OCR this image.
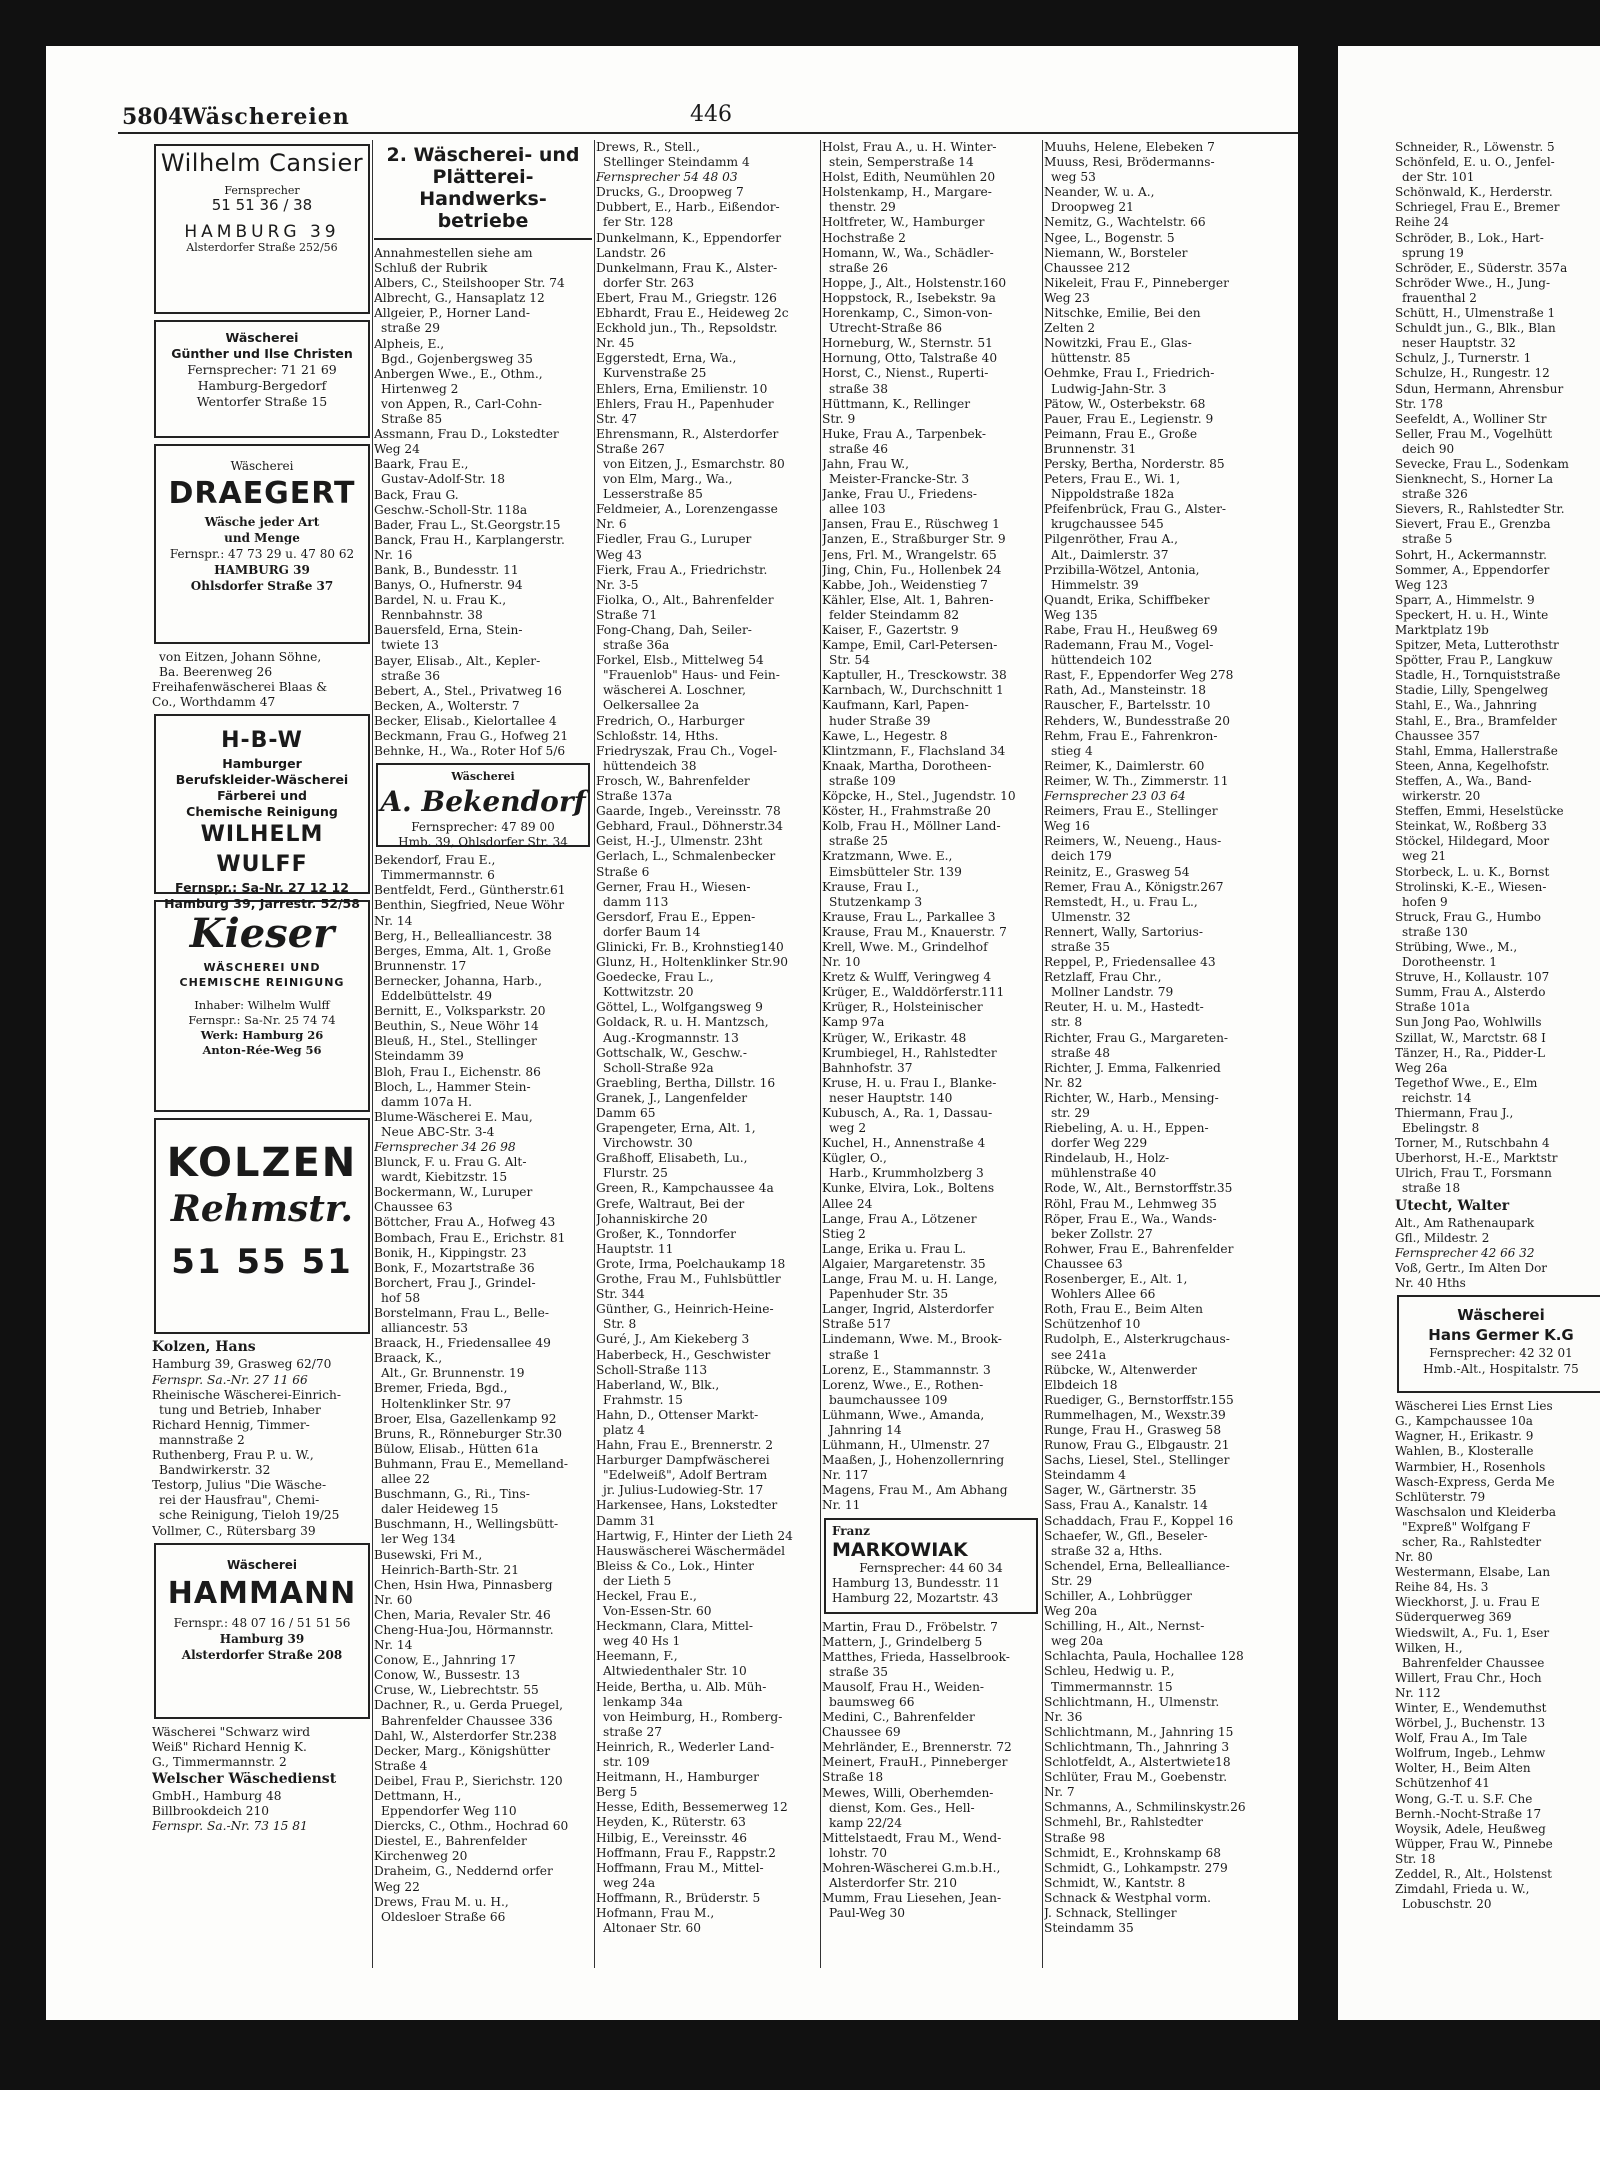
5804
Wäschereien	446
Wilhelm Cansier
Fernsprecher
51 51 36 / 38
HAMBURG 39
Alsterdorfer Straße 252/56
Wäscherei
Günther und Ilse Christen
Fernsprecher: 71 21 69
Hamburg-Bergedorf
Wentorfer Straße 15
Wäscherei
DRAEGERT
Wäsche jeder Art
und Menge
Fernspr.: 47 73 29 u. 47 80 62
HAMBURG 39
Ohlsdorfer Straße 37
von Eitzen, Johann Söhne,
Ba. Beerenweg 26
Freihafenwäscherei Blaas &
Co., Worthdamm 47
H-B-W
Hamburger
Berufskleider-Wäscherei
Färberei und
Chemische Reinigung
WILHELM WULFF
Fernspr.: Sa-Nr. 27 12 12
Hamburg 39, Jarrestr. 52/58
Kieser
WÄSCHEREI UND
CHEMISCHE REINIGUNG
Inhaber: Wilhelm Wulff
Fernspr.: Sa-Nr. 25 74 74
Werk: Hamburg 26
Anton-Rée-Weg 56
KOLZEN
Rehmstr.
51 55 51
Kolzen, Hans
Hamburg 39, Grasweg 62/70
Fernspr. Sa.-Nr. 27 11 66
Rheinische Wäscherei-Einrich-
tung und Betrieb, Inhaber
Richard Hennig, Timmer-
mannstraße 2
Ruthenberg, Frau P. u. W.,
Bandwirkerstr. 32
Testorp, Julius "Die Wäsche-
rei der Hausfrau", Chemi-
sche Reinigung, Tieloh 19/25
Vollmer, C., Rütersbarg 39
Wäscherei
HAMMANN
Fernspr.: 48 07 16 / 51 51 56
Hamburg 39
Alsterdorfer Straße 208
Wäscherei "Schwarz wird
Weiß" Richard Hennig K.
G., Timmermannstr. 2
Welscher Wäschedienst
GmbH., Hamburg 48
Billbrookdeich 210
Fernspr. Sa.-Nr. 73 15 81
2. Wäscherei- und
Plätterei-Handwerks-
betriebe
Annahmestellen siehe am
Schluß der Rubrik
Albers, C., Steilshooper Str. 74
Albrecht, G., Hansaplatz 12
Allgeier, P., Horner Land-
straße 29
Alpheis, E.,
Bgd., Gojenbergsweg 35
Anbergen Wwe., E., Othm.,
Hirtenweg 2
von Appen, R., Carl-Cohn-
Straße 85
Assmann, Frau D., Lokstedter
Weg 24
Baark, Frau E.,
Gustav-Adolf-Str. 18
Back, Frau G.
Geschw.-Scholl-Str. 118a
Bader, Frau L., St.Georgstr.15
Banck, Frau H., Karplangerstr.
Nr. 16
Bank, B., Bundesstr. 11
Banys, O., Hufnerstr. 94
Bardel, N. u. Frau K.,
Rennbahnstr. 38
Bauersfeld, Erna, Stein-
twiete 13
Bayer, Elisab., Alt., Kepler-
straße 36
Bebert, A., Stel., Privatweg 16
Becken, A., Wolterstr. 7
Becker, Elisab., Kielortallee 4
Beckmann, Frau G., Hofweg 21
Behnke, H., Wa., Roter Hof 5/6
Wäscherei
A. Bekendorf
Fernsprecher: 47 89 00
Hmb. 39, Ohlsdorfer Str. 34
Bekendorf, Frau E.,
Timmermannstr. 6
Bentfeldt, Ferd., Güntherstr.61
Benthin, Siegfried, Neue Wöhr
Nr. 14
Berg, H., Bellealliancestr. 38
Berges, Emma, Alt. 1, Große
Brunnenstr. 17
Bernecker, Johanna, Harb.,
Eddelbüttelstr. 49
Bernitt, E., Volksparkstr. 20
Beuthin, S., Neue Wöhr 14
Bleuß, H., Stel., Stellinger
Steindamm 39
Bloh, Frau I., Eichenstr. 86
Bloch, L., Hammer Stein-
damm 107a H.
Blume-Wäscherei E. Mau,
Neue ABC-Str. 3-4
Fernsprecher 34 26 98
Blunck, F. u. Frau G. Alt-
wardt, Kiebitzstr. 15
Bockermann, W., Luruper
Chaussee 63
Böttcher, Frau A., Hofweg 43
Bombach, Frau E., Erichstr. 81
Bonik, H., Kippingstr. 23
Bonk, F., Mozartstraße 36
Borchert, Frau J., Grindel-
hof 58
Borstelmann, Frau L., Belle-
alliancestr. 53
Braack, H., Friedensallee 49
Braack, K.,
Alt., Gr. Brunnenstr. 19
Bremer, Frieda, Bgd.,
Holtenklinker Str. 97
Broer, Elsa, Gazellenkamp 92
Bruns, R., Rönneburger Str.30
Bülow, Elisab., Hütten 61a
Buhmann, Frau E., Memelland-
allee 22
Buschmann, G., Ri., Tins-
daler Heideweg 15
Buschmann, H., Wellingsbütt-
ler Weg 134
Busewski, Fri M.,
Heinrich-Barth-Str. 21
Chen, Hsin Hwa, Pinnasberg
Nr. 60
Chen, Maria, Revaler Str. 46
Cheng-Hua-Jou, Hörmannstr.
Nr. 14
Conow, E., Jahnring 17
Conow, W., Bussestr. 13
Cruse, W., Liebrechtstr. 55
Dachner, R., u. Gerda Pruegel,
Bahrenfelder Chaussee 336
Dahl, W., Alsterdorfer Str.238
Decker, Marg., Königshütter
Straße 4
Deibel, Frau P., Sierichstr. 120
Dettmann, H.,
Eppendorfer Weg 110
Diercks, C., Othm., Hochrad 60
Diestel, E., Bahrenfelder
Kirchenweg 20
Draheim, G., Neddernd orfer
Weg 22
Drews, Frau M. u. H.,
Oldesloer Straße 66
Drews, R., Stell.,
Stellinger Steindamm 4
Fernsprecher 54 48 03
Drucks, G., Droopweg 7
Dubbert, E., Harb., Eißendor-
fer Str. 128
Dunkelmann, K., Eppendorfer
Landstr. 26
Dunkelmann, Frau K., Alster-
dorfer Str. 263
Ebert, Frau M., Griegstr. 126
Ebhardt, Frau E., Heideweg 2c
Eckhold jun., Th., Repsoldstr.
Nr. 45
Eggerstedt, Erna, Wa.,
Kurvenstraße 25
Ehlers, Erna, Emilienstr. 10
Ehlers, Frau H., Papenhuder
Str. 47
Ehrensmann, R., Alsterdorfer
Straße 267
von Eitzen, J., Esmarchstr. 80
von Elm, Marg., Wa.,
Lesserstraße 85
Feldmeier, A., Lorenzengasse
Nr. 6
Fiedler, Frau G., Luruper
Weg 43
Fierk, Frau A., Friedrichstr.
Nr. 3-5
Fiolka, O., Alt., Bahrenfelder
Straße 71
Fong-Chang, Dah, Seiler-
straße 36a
Forkel, Elsb., Mittelweg 54
"Frauenlob" Haus- und Fein-
wäscherei A. Loschner,
Oelkersallee 2a
Fredrich, O., Harburger
Schloßstr. 14, Hths.
Friedryszak, Frau Ch., Vogel-
hüttendeich 38
Frosch, W., Bahrenfelder
Straße 137a
Gaarde, Ingeb., Vereinsstr. 78
Gebhard, Fraul., Döhnerstr.34
Geist, H.-J., Ulmenstr. 23ht
Gerlach, L., Schmalenbecker
Straße 6
Gerner, Frau H., Wiesen-
damm 113
Gersdorf, Frau E., Eppen-
dorfer Baum 14
Glinicki, Fr. B., Krohnstieg140
Glunz, H., Holtenklinker Str.90
Goedecke, Frau L.,
Kottwitzstr. 20
Göttel, L., Wolfgangsweg 9
Goldack, R. u. H. Mantzsch,
Aug.-Krogmannstr. 13
Gottschalk, W., Geschw.-
Scholl-Straße 92a
Graebling, Bertha, Dillstr. 16
Granek, J., Langenfelder
Damm 65
Grapengeter, Erna, Alt. 1,
Virchowstr. 30
Graßhoff, Elisabeth, Lu.,
Flurstr. 25
Green, R., Kampchaussee 4a
Grefe, Waltraut, Bei der
Johanniskirche 20
Großer, K., Tonndorfer
Hauptstr. 11
Grote, Irma, Poelchaukamp 18
Grothe, Frau M., Fuhlsbüttler
Str. 344
Günther, G., Heinrich-Heine-
Str. 8
Guré, J., Am Kiekeberg 3
Haberbeck, H., Geschwister
Scholl-Straße 113
Haberland, W., Blk.,
Frahmstr. 15
Hahn, D., Ottenser Markt-
platz 4
Hahn, Frau E., Brennerstr. 2
Harburger Dampfwäscherei
"Edelweiß", Adolf Bertram
jr. Julius-Ludowieg-Str. 17
Harkensee, Hans, Lokstedter
Damm 31
Hartwig, F., Hinter der Lieth 24
Hauswäscherei Wäschermädel
Bleiss & Co., Lok., Hinter
der Lieth 5
Heckel, Frau E.,
Von-Essen-Str. 60
Heckmann, Clara, Mittel-
weg 40 Hs 1
Heemann, F.,
Altwiedenthaler Str. 10
Heide, Bertha, u. Alb. Müh-
lenkamp 34a
von Heimburg, H., Romberg-
straße 27
Heinrich, R., Wederler Land-
str. 109
Heitmann, H., Hamburger
Berg 5
Hesse, Edith, Bessemerweg 12
Heyden, K., Rüterstr. 63
Hilbig, E., Vereinsstr. 46
Hoffmann, Frau F., Rappstr.2
Hoffmann, Frau M., Mittel-
weg 24a
Hoffmann, R., Brüderstr. 5
Hofmann, Frau M.,
Altonaer Str. 60
Holst, Frau A., u. H. Winter-
stein, Semperstraße 14
Holst, Edith, Neumühlen 20
Holstenkamp, H., Margare-
thenstr. 29
Holtfreter, W., Hamburger
Hochstraße 2
Homann, W., Wa., Schädler-
straße 26
Hoppe, J., Alt., Holstenstr.160
Hoppstock, R., Isebekstr. 9a
Horenkamp, C., Simon-von-
Utrecht-Straße 86
Horneburg, W., Sternstr. 51
Hornung, Otto, Talstraße 40
Horst, C., Nienst., Ruperti-
straße 38
Hüttmann, K., Rellinger
Str. 9
Huke, Frau A., Tarpenbek-
straße 46
Jahn, Frau W.,
Meister-Francke-Str. 3
Janke, Frau U., Friedens-
allee 103
Jansen, Frau E., Rüschweg 1
Janzen, E., Straßburger Str. 9
Jens, Frl. M., Wrangelstr. 65
Jing, Chin, Fu., Hollenbek 24
Kabbe, Joh., Weidenstieg 7
Kähler, Else, Alt. 1, Bahren-
felder Steindamm 82
Kaiser, F., Gazertstr. 9
Kampe, Emil, Carl-Petersen-
Str. 54
Kaptuller, H., Tresckowstr. 38
Karnbach, W., Durchschnitt 1
Kaufmann, Karl, Papen-
huder Straße 39
Kawe, L., Hegestr. 8
Klintzmann, F., Flachsland 34
Knaak, Martha, Dorotheen-
straße 109
Köpcke, H., Stel., Jugendstr. 10
Köster, H., Frahmstraße 20
Kolb, Frau H., Möllner Land-
straße 25
Kratzmann, Wwe. E.,
Eimsbütteler Str. 139
Krause, Frau I.,
Stutzenkamp 3
Krause, Frau L., Parkallee 3
Krause, Frau M., Knauerstr. 7
Krell, Wwe. M., Grindelhof
Nr. 10
Kretz & Wulff, Veringweg 4
Krüger, E., Walddörferstr.111
Krüger, R., Holsteinischer
Kamp 97a
Krüger, W., Erikastr. 48
Krumbiegel, H., Rahlstedter
Bahnhofstr. 37
Kruse, H. u. Frau I., Blanke-
neser Hauptstr. 140
Kubusch, A., Ra. 1, Dassau-
weg 2
Kuchel, H., Annenstraße 4
Kügler, O.,
Harb., Krummholzberg 3
Kunke, Elvira, Lok., Boltens
Allee 24
Lange, Frau A., Lötzener
Stieg 2
Lange, Erika u. Frau L.
Algaier, Margaretenstr. 35
Lange, Frau M. u. H. Lange,
Papenhuder Str. 35
Langer, Ingrid, Alsterdorfer
Straße 517
Lindemann, Wwe. M., Brook-
straße 1
Lorenz, E., Stammannstr. 3
Lorenz, Wwe., E., Rothen-
baumchaussee 109
Lühmann, Wwe., Amanda,
Jahnring 14
Lühmann, H., Ulmenstr. 27
Maaßen, J., Hohenzollernring
Nr. 117
Magens, Frau M., Am Abhang
Nr. 11
Franz
MARKOWIAK
Fernsprecher: 44 60 34
Hamburg 13, Bundesstr. 11
Hamburg 22, Mozartstr. 43
Martin, Frau D., Fröbelstr. 7
Mattern, J., Grindelberg 5
Matthes, Frieda, Hasselbrook-
straße 35
Mausolf, Frau H., Weiden-
baumsweg 66
Medini, C., Bahrenfelder
Chaussee 69
Mehrländer, E., Brennerstr. 72
Meinert, FrauH., Pinneberger
Straße 18
Mewes, Willi, Oberhemden-
dienst, Kom. Ges., Hell-
kamp 22/24
Mittelstaedt, Frau M., Wend-
lohstr. 70
Mohren-Wäscherei G.m.b.H.,
Alsterdorfer Str. 210
Mumm, Frau Liesehen, Jean-
Paul-Weg 30
Muuhs, Helene, Elebeken 7
Muuss, Resi, Brödermanns-
weg 53
Neander, W. u. A.,
Droopweg 21
Nemitz, G., Wachtelstr. 66
Ngee, L., Bogenstr. 5
Niemann, W., Borsteler
Chaussee 212
Nikeleit, Frau F., Pinneberger
Weg 23
Nitschke, Emilie, Bei den
Zelten 2
Nowitzki, Frau E., Glas-
hüttenstr. 85
Oehmke, Frau I., Friedrich-
Ludwig-Jahn-Str. 3
Pätow, W., Osterbekstr. 68
Pauer, Frau E., Legienstr. 9
Peimann, Frau E., Große
Brunnenstr. 31
Persky, Bertha, Norderstr. 85
Peters, Frau E., Wi. 1,
Nippoldstraße 182a
Pfeifenbrück, Frau G., Alster-
krugchaussee 545
Pilgenröther, Frau A.,
Alt., Daimlerstr. 37
Przibilla-Wötzel, Antonia,
Himmelstr. 39
Quandt, Erika, Schiffbeker
Weg 135
Rabe, Frau H., Heußweg 69
Rademann, Frau M., Vogel-
hüttendeich 102
Rast, F., Eppendorfer Weg 278
Rath, Ad., Mansteinstr. 18
Rauscher, F., Bartelsstr. 10
Rehders, W., Bundesstraße 20
Rehm, Frau E., Fahrenkron-
stieg 4
Reimer, K., Daimlerstr. 60
Reimer, W. Th., Zimmerstr. 11
Fernsprecher 23 03 64
Reimers, Frau E., Stellinger
Weg 16
Reimers, W., Neueng., Haus-
deich 179
Reinitz, E., Grasweg 54
Remer, Frau A., Königstr.267
Remstedt, H., u. Frau L.,
Ulmenstr. 32
Rennert, Wally, Sartorius-
straße 35
Reppel, P., Friedensallee 43
Retzlaff, Frau Chr.,
Mollner Landstr. 79
Reuter, H. u. M., Hastedt-
str. 8
Richter, Frau G., Margareten-
straße 48
Richter, J. Emma, Falkenried
Nr. 82
Richter, W., Harb., Mensing-
str. 29
Riebeling, A. u. H., Eppen-
dorfer Weg 229
Rindelaub, H., Holz-
mühlenstraße 40
Rode, W., Alt., Bernstorffstr.35
Röhl, Frau M., Lehmweg 35
Röper, Frau E., Wa., Wands-
beker Zollstr. 27
Rohwer, Frau E., Bahrenfelder
Chaussee 63
Rosenberger, E., Alt. 1,
Wohlers Allee 66
Roth, Frau E., Beim Alten
Schützenhof 10
Rudolph, E., Alsterkrugchaus-
see 241a
Rübcke, W., Altenwerder
Elbdeich 18
Ruediger, G., Bernstorffstr.155
Rummelhagen, M., Wexstr.39
Runge, Frau H., Grasweg 58
Runow, Frau G., Elbgaustr. 21
Sachs, Liesel, Stel., Stellinger
Steindamm 4
Sager, W., Gärtnerstr. 35
Sass, Frau A., Kanalstr. 14
Schaddach, Frau F., Koppel 16
Schaefer, W., Gfl., Beseler-
straße 32 a, Hths.
Schendel, Erna, Bellealliance-
Str. 29
Schiller, A., Lohbrügger
Weg 20a
Schilling, H., Alt., Nernst-
weg 20a
Schlachta, Paula, Hochallee 128
Schleu, Hedwig u. P.,
Timmermannstr. 15
Schlichtmann, H., Ulmenstr.
Nr. 36
Schlichtmann, M., Jahnring 15
Schlichtmann, Th., Jahnring 3
Schlotfeldt, A., Alstertwiete18
Schlüter, Frau M., Goebenstr.
Nr. 7
Schmanns, A., Schmilinskystr.26
Schmehl, Br., Rahlstedter
Straße 98
Schmidt, E., Krohnskamp 68
Schmidt, G., Lohkampstr. 279
Schmidt, W., Kantstr. 8
Schnack & Westphal vorm.
J. Schnack, Stellinger
Steindamm 35
Schneider, R., Löwenstr. 5
Schönfeld, E. u. O., Jenfel-
der Str. 101
Schönwald, K., Herderstr.
Schriegel, Frau E., Bremer
Reihe 24
Schröder, B., Lok., Hart-
sprung 19
Schröder, E., Süderstr. 357a
Schröder Wwe., H., Jung-
frauenthal 2
Schütt, H., Ulmenstraße 1
Schuldt jun., G., Blk., Blan
neser Hauptstr. 32
Schulz, J., Turnerstr. 1
Schulze, H., Rungestr. 12
Sdun, Hermann, Ahrensbur
Str. 178
Seefeldt, A., Wolliner Str
Seller, Frau M., Vogelhütt
deich 90
Sevecke, Frau L., Sodenkam
Sienknecht, S., Horner La
straße 326
Sievers, R., Rahlstedter Str.
Sievert, Frau E., Grenzba
straße 5
Sohrt, H., Ackermannstr.
Sommer, A., Eppendorfer
Weg 123
Sparr, A., Himmelstr. 9
Speckert, H. u. H., Winte
Marktplatz 19b
Spitzer, Meta, Lutterothstr
Spötter, Frau P., Langkuw
Stadle, H., Tornquiststraße
Stadie, Lilly, Spengelweg
Stahl, E., Wa., Jahnring
Stahl, E., Bra., Bramfelder
Chaussee 357
Stahl, Emma, Hallerstraße
Steen, Anna, Kegelhofstr.
Steffen, A., Wa., Band-
wirkerstr. 20
Steffen, Emmi, Heselstücke
Steinkat, W., Roßberg 33
Stöckel, Hildegard, Moor
weg 21
Storbeck, L. u. K., Bornst
Strolinski, K.-E., Wiesen-
hofen 9
Struck, Frau G., Humbo
straße 130
Strübing, Wwe., M.,
Dorotheenstr. 1
Struve, H., Kollaustr. 107
Summ, Frau A., Alsterdo
Straße 101a
Sun Jong Pao, Wohlwills
Szillat, W., Marctstr. 68 I
Tänzer, H., Ra., Pidder-L
Weg 26a
Tegethof Wwe., E., Elm
reichstr. 14
Thiermann, Frau J.,
Ebelingstr. 8
Torner, M., Rutschbahn 4
Uberhorst, H.-E., Marktstr
Ulrich, Frau T., Forsmann
straße 18
Utecht, Walter
Alt., Am Rathenaupark
Gfl., Mildestr. 2
Fernsprecher 42 66 32
Voß, Gertr., Im Alten Dor
Nr. 40 Hths
Wäscherei
Hans Germer K.G
Fernsprecher: 42 32 01
Hmb.-Alt., Hospitalstr. 75
Wäscherei Lies Ernst Lies
G., Kampchaussee 10a
Wagner, H., Erikastr. 9
Wahlen, B., Klosteralle
Warmbier, H., Rosenhols
Wasch-Express, Gerda Me
Schlüterstr. 79
Waschsalon und Kleiderba
"Expreß" Wolfgang F
scher, Ra., Rahlstedter
Nr. 80
Westermann, Elsabe, Lan
Reihe 84, Hs. 3
Wieckhorst, J. u. Frau E
Süderquerweg 369
Wiedswilt, A., Fu. 1, Eser
Wilken, H.,
Bahrenfelder Chaussee
Willert, Frau Chr., Hoch
Nr. 112
Winter, E., Wendemuthst
Wörbel, J., Buchenstr. 13
Wolf, Frau A., Im Tale
Wolfrum, Ingeb., Lehmw
Wolter, H., Beim Alten
Schützenhof 41
Wong, G.-T. u. S.F. Che
Bernh.-Nocht-Straße 17
Woysik, Adele, Heußweg
Wüpper, Frau W., Pinnebe
Str. 18
Zeddel, R., Alt., Holstenst
Zimdahl, Frieda u. W.,
Lobuschstr. 20
